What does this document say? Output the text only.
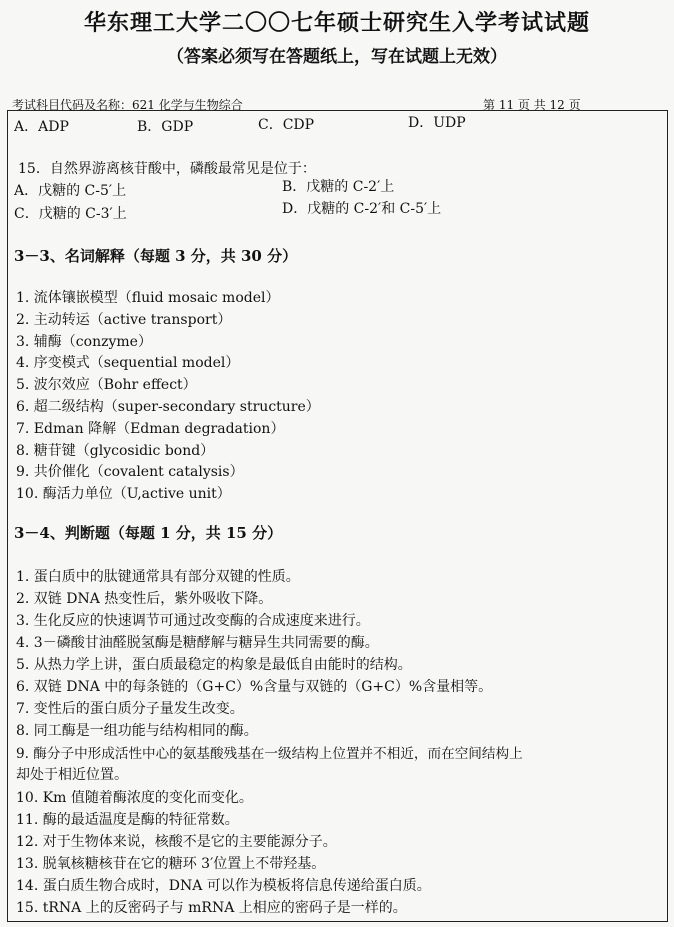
华东理工大学二〇〇七年硕士研究生入学考试试题
（答案必须写在答题纸上，写在试题上无效）
考试科目代码及名称：621 化学与生物综合	第 11 页 共 12 页
A．ADP	B．GDP	C．CDP	D．UDP
15．自然界游离核苷酸中，磷酸最常见是位于：
A．戊糖的 C-5′上	B．戊糖的 C-2′上
C．戊糖的 C-3′上	D．戊糖的 C-2′和 C-5′上
3－3、名词解释（每题 3 分，共 30 分）
1. 流体镶嵌模型（fluid mosaic model）
2. 主动转运（active transport）
3. 辅酶（conzyme）
4. 序变模式（sequential model）
5. 波尔效应（Bohr effect）
6. 超二级结构（super-secondary structure）
7. Edman 降解（Edman degradation）
8. 糖苷键（glycosidic bond）
9. 共价催化（covalent catalysis）
10. 酶活力单位（U,active unit）
3－4、判断题（每题 1 分，共 15 分）
1. 蛋白质中的肽键通常具有部分双键的性质。
2. 双链 DNA 热变性后，紫外吸收下降。
3. 生化反应的快速调节可通过改变酶的合成速度来进行。
4. 3－磷酸甘油醛脱氢酶是糖酵解与糖异生共同需要的酶。
5. 从热力学上讲，蛋白质最稳定的构象是最低自由能时的结构。
6. 双链 DNA 中的每条链的（G+C）%含量与双链的（G+C）%含量相等。
7. 变性后的蛋白质分子量发生改变。
8. 同工酶是一组功能与结构相同的酶。
9. 酶分子中形成活性中心的氨基酸残基在一级结构上位置并不相近，而在空间结构上
却处于相近位置。
10. Km 值随着酶浓度的变化而变化。
11. 酶的最适温度是酶的特征常数。
12. 对于生物体来说，核酸不是它的主要能源分子。
13. 脱氧核糖核苷在它的糖环 3′位置上不带羟基。
14. 蛋白质生物合成时，DNA 可以作为模板将信息传递给蛋白质。
15. tRNA 上的反密码子与 mRNA 上相应的密码子是一样的。
